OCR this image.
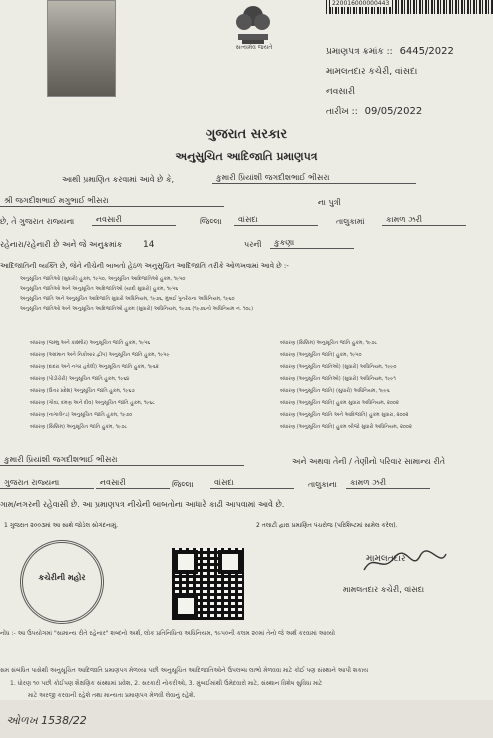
સત્યમેવ જયતે
220016000000443
પ્રમાણપત્ર ક્રમાંક :: 6445/2022
મામલતદાર કચેરી, વાંસદા
નવસારી
તારીખ :: 09/05/2022
ગુજરાત સરકાર
અનુસુચિત આદિજાતિ પ્રમાણપત્ર
આથી પ્રમાણિત કરવામાં આવે છે કે,	કુમારી પ્રિયાંશી જગદીશભાઈ ભીસરા
શ્રી જગદીશભાઈ મગુભાઈ ભીસરા	ના પુત્રી
છે, તે ગુજરાત રાજ્યના	નવસારી	જિલ્લા	વાંસદા	તાલુકામાં	કામળ ઝરી
રહેનારા/રહેનારી છે અને જે અનુક્રમાંક 14	પરની	કુકણા
આદિજાતિની વ્યક્તિ છે, જેને નીચેની બાબતો હેઠળ અનુસુચિત આદિજાતિ તરીકે ઓળખવામાં આવે છે :-
અનુસૂચિત જાતિઓ (સુધારો) હુકમ, ૧૯૫૦, અનુસૂચિત આદિજાતિઓ હુકમ, ૧૯૫૦
અનુસૂચિત જાતિઓ અને અનુસૂચિત આદિજાતિઓ (યાદી સુધારો) હુકમ, ૧૯૫૬
અનુસૂચિત જાતિ અને અનુસૂચિત આદિજાતિ સુધારો અધિનિયમ, ૧૯૭૬, મુંબઈ પુનર્રચના અધિનિયમ, ૧૯૬૦
અનુસૂચિત જાતિઓ અને અનુસૂચિત આદિજાતિઓ હુકમ (સુધારો) અધિનિયમ, ૧૯૭૬ (૧૯૭૬નો અધિનિયમ નં. ૧૦૮)
બંધારણ (જમ્મુ અને કાશ્મીર) અનુસૂચિત જાતિ હુકમ, ૧૯૫૬
બંધારણ (અંદમાન અને નિકોબાર દ્વીપ) અનુસૂચિત જાતિ હુકમ, ૧૯૫૯
બંધારણ (દાદરા અને નગર હવેલી) અનુસૂચિત જાતિ હુકમ, ૧૯૬૨
બંધારણ (પોંડીચેરી) અનુસૂચિત જાતિ હુકમ, ૧૯૬૪
બંધારણ (ઉત્તર પ્રદેશ) અનુસૂચિત જાતિ હુકમ, ૧૯૬૭
બંધારણ (ગોવા, દમણ અને દીવ) અનુસૂચિત જાતિ હુકમ, ૧૯૬૮
બંધારણ (નાગાલેન્ડ) અનુસૂચિત જાતિ હુકમ, ૧૯૭૦
બંધારણ (સિક્કિમ) અનુસૂચિત જાતિ હુકમ, ૧૯૭૮
બંધારણ (સિક્કિમ) અનુસૂચિત જાતિ હુકમ, ૧૯૭૮
બંધારણ (અનુસૂચિત જાતિ) હુકમ, ૧૯૫૦
બંધારણ (અનુસૂચિત જાતિઓ) (સુધારો) અધિનિયમ, ૧૯૯૦
બંધારણ (અનુસૂચિત જાતિઓ) (સુધારો) અધિનિયમ, ૧૯૯૧
બંધારણ (અનુસૂચિત જાતિ) (સુધારો) અધિનિયમ, ૧૯૯૬
બંધારણ (અનુસૂચિત જાતિ) હુકમ સુધારા અધિનિયમ, ૨૦૦૨
બંધારણ (અનુસૂચિત જાતિ અને આદિજાતિ) હુકમ સુધારા, ૨૦૦૨
બંધારણ (અનુસૂચિત જાતિ) હુકમ બીજો સુધારો અધિનિયમ, ૨૦૦૨
કુમારી પ્રિયાંશી જગદીશભાઈ ભીસરા	અને અથવા તેની / તેણીનો પરિવાર સામાન્ય રીતે
ગુજરાત રાજ્યના	નવસારી	જિલ્લા	વાંસદા	તાલુકાના	કામળ ઝરી
ગામ/નગરની રહેવાસી છે. આ પ્રમાણપત્ર નીચેની બાબતોના આધારે કાઢી આપવામાં આવે છે.
1 ગુજરાત ૨૦૦૩માં આ સાથે જોડેલ સોગંદનામું.	2 તલાટી દ્વારા પ્રમાણિત પંચરોજ (પરિશિષ્ટમાં સામેલ કરેલ).
કચેરીની મહોર
મામલતદાર
મામલતદાર કચેરી, વાંસદા
નોંધ :- આ ઉપયોગમાં "સામાન્ય રીતે રહેનાર" શબ્દનો અર્થ, લોક પ્રતિનિધિત્વ અધિનિયમ, ૧૯૫૦ની કલમ ૨૦માં તેનો જે અર્થ કરવામાં આવ્યો
સમ સંબંધિત પાસેથી અનુસૂચિત આદિજાતિ પ્રમાણપત્ર મેળવ્યા પછી અનુસૂચિત આદિજાતિઓને ઉપલબ્ધ લાભો મેળવવા માટે કોઈ પણ સંસ્થાને આપી શકાય
1. ધોરણ ૧૦ પછી કોઈપણ શૈક્ષણિક સંસ્થામાં પ્રવેશ, 2. સરકારી નોકરીઓ, 3. મુંબઈમાંથી ઉમેદવારો માટે, સંસ્થાન વિશેષ સુવિધા માટે
માટે અરજી કરવાની રહેશે તથા માન્યતા પ્રમાણપત્ર મેળવી લેવાનું રહેશે.
ઓળખ 1538/22
